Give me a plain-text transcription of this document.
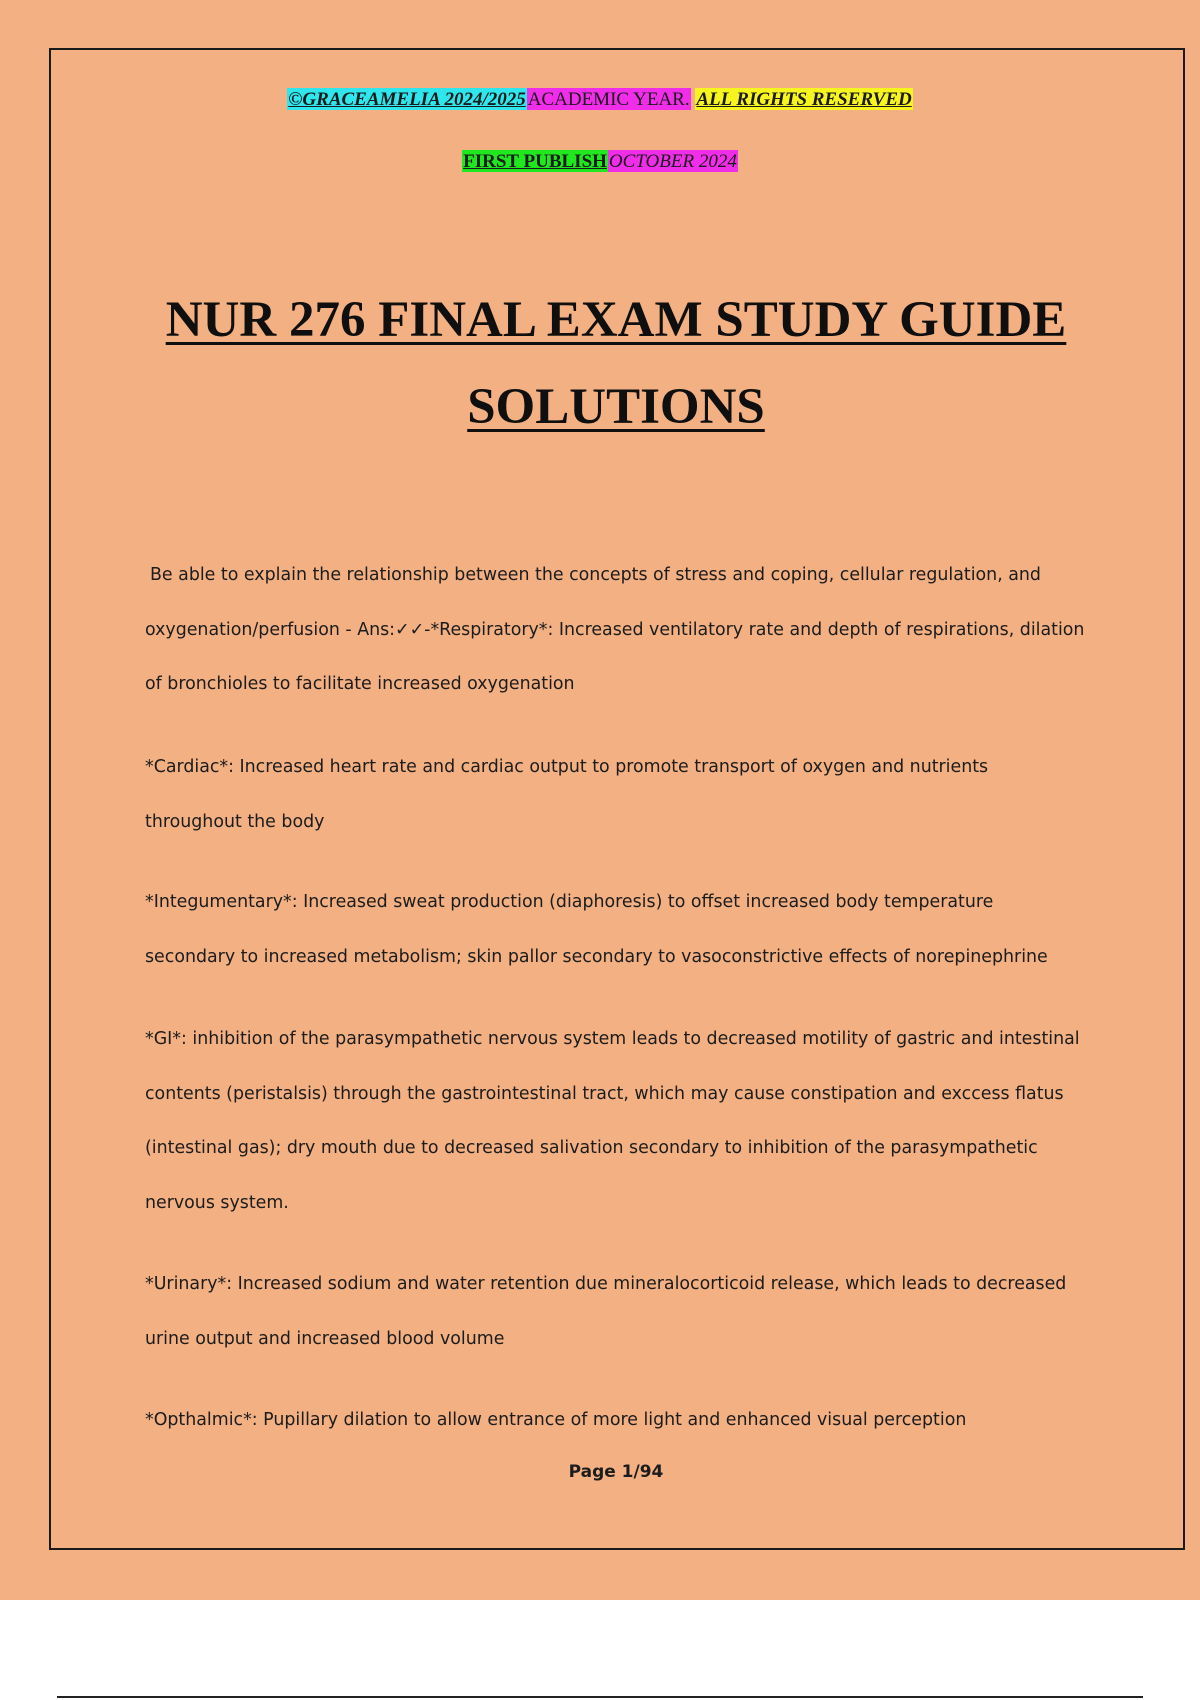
©GRACEAMELIA 2024/2025 ACADEMIC YEAR. ALL RIGHTS RESERVED
FIRST PUBLISH OCTOBER 2024
NUR 276 FINAL EXAM STUDY GUIDE
SOLUTIONS

Be able to explain the relationship between the concepts of stress and coping, cellular regulation, and oxygenation/perfusion - Ans:✓✓-*Respiratory*: Increased ventilatory rate and depth of respirations, dilation of bronchioles to facilitate increased oxygenation

*Cardiac*: Increased heart rate and cardiac output to promote transport of oxygen and nutrients throughout the body

*Integumentary*: Increased sweat production (diaphoresis) to offset increased body temperature secondary to increased metabolism; skin pallor secondary to vasoconstrictive effects of norepinephrine

*GI*: inhibition of the parasympathetic nervous system leads to decreased motility of gastric and intestinal contents (peristalsis) through the gastrointestinal tract, which may cause constipation and exccess flatus (intestinal gas); dry mouth due to decreased salivation secondary to inhibition of the parasympathetic nervous system.

*Urinary*: Increased sodium and water retention due mineralocorticoid release, which leads to decreased urine output and increased blood volume

*Opthalmic*: Pupillary dilation to allow entrance of more light and enhanced visual perception

Page 1/94
